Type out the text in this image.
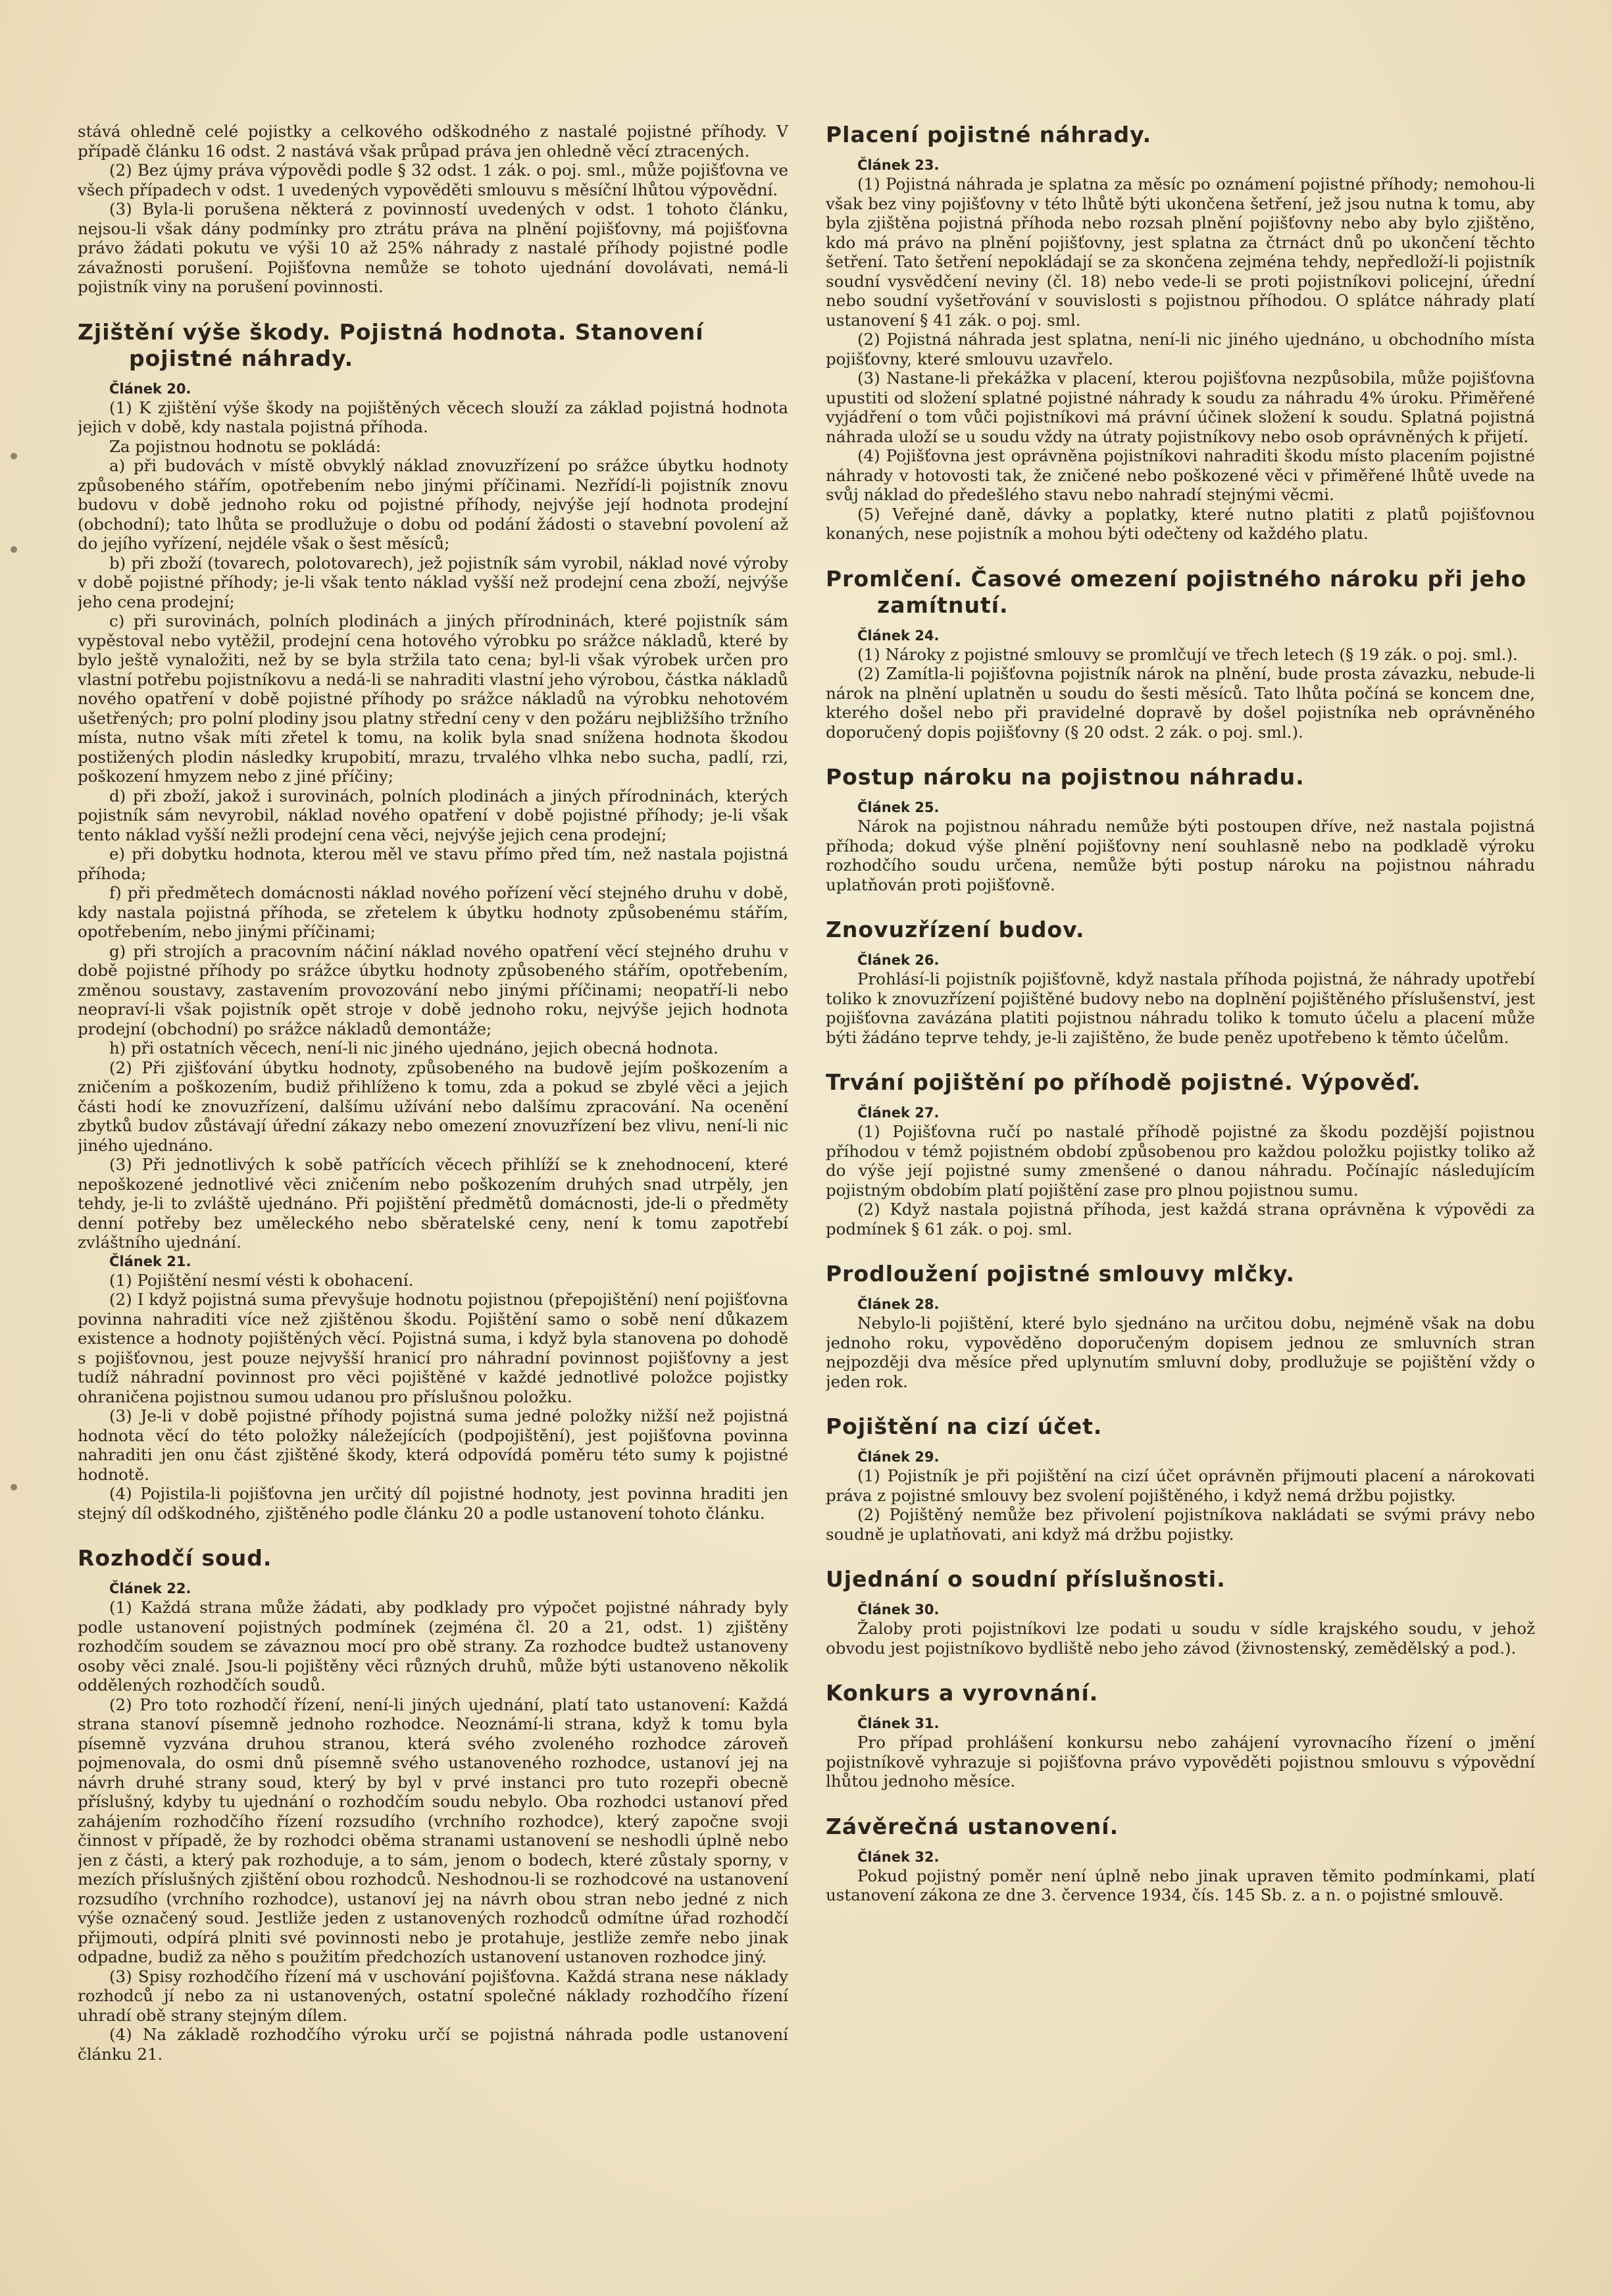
stává ohledně celé pojistky a celkového odškodného z nastalé pojistné příhody. V případě článku 16 odst. 2 nastává však průpad práva jen ohledně věcí ztracených.

(2) Bez újmy práva výpovědi podle § 32 odst. 1 zák. o poj. sml., může pojišťovna ve všech případech v odst. 1 uvedených vypověděti smlouvu s měsíční lhůtou výpovědní.

(3) Byla-li porušena některá z povinností uvedených v odst. 1 tohoto článku, nejsou-li však dány podmínky pro ztrátu práva na plnění pojišťovny, má pojišťovna právo žádati pokutu ve výši 10 až 25% náhrady z nastalé příhody pojistné podle závažnosti porušení. Pojišťovna nemůže se tohoto ujednání dovolávati, nemá-li pojistník viny na porušení povinnosti.

Zjištění výše škody. Pojistná hodnota. Stanovení
pojistné náhrady.

Článek 20.

(1) K zjištění výše škody na pojištěných věcech slouží za základ pojistná hodnota jejich v době, kdy nastala pojistná příhoda.

Za pojistnou hodnotu se pokládá:

a) při budovách v místě obvyklý náklad znovuzřízení po srážce úbytku hodnoty způsobeného stářím, opotřebením nebo jinými příčinami. Nezřídí-li pojistník znovu budovu v době jednoho roku od pojistné příhody, nejvýše její hodnota prodejní (obchodní); tato lhůta se prodlužuje o dobu od podání žádosti o stavební povolení až do jejího vyřízení, nejdéle však o šest měsíců;

b) při zboží (tovarech, polotovarech), jež pojistník sám vyrobil, náklad nové výroby v době pojistné příhody; je-li však tento náklad vyšší než prodejní cena zboží, nejvýše jeho cena prodejní;

c) při surovinách, polních plodinách a jiných přírodninách, které pojistník sám vypěstoval nebo vytěžil, prodejní cena hotového výrobku po srážce nákladů, které by bylo ještě vynaložiti, než by se byla stržila tato cena; byl-li však výrobek určen pro vlastní potřebu pojistníkovu a nedá-li se nahraditi vlastní jeho výrobou, částka nákladů nového opatření v době pojistné příhody po srážce nákladů na výrobku nehotovém ušetřených; pro polní plodiny jsou platny střední ceny v den požáru nejbližšího tržního místa, nutno však míti zřetel k tomu, na kolik byla snad snížena hodnota škodou postižených plodin následky krupobití, mrazu, trvalého vlhka nebo sucha, padlí, rzi, poškození hmyzem nebo z jiné příčiny;

d) při zboží, jakož i surovinách, polních plodinách a jiných přírodninách, kterých pojistník sám nevyrobil, náklad nového opatření v době pojistné příhody; je-li však tento náklad vyšší nežli prodejní cena věci, nejvýše jejich cena prodejní;

e) při dobytku hodnota, kterou měl ve stavu přímo před tím, než nastala pojistná příhoda;

f) při předmětech domácnosti náklad nového pořízení věcí stejného druhu v době, kdy nastala pojistná příhoda, se zřetelem k úbytku hodnoty způsobenému stářím, opotřebením, nebo jinými příčinami;

g) při strojích a pracovním náčiní náklad nového opatření věcí stejného druhu v době pojistné příhody po srážce úbytku hodnoty způsobeného stářím, opotřebením, změnou soustavy, zastavením provozování nebo jinými příčinami; neopatří-li nebo neopraví-li však pojistník opět stroje v době jednoho roku, nejvýše jejich hodnota prodejní (obchodní) po srážce nákladů demontáže;

h) při ostatních věcech, není-li nic jiného ujednáno, jejich obecná hodnota.

(2) Při zjišťování úbytku hodnoty, způsobeného na budově jejím poškozením a zničením a poškozením, budiž přihlíženo k tomu, zda a pokud se zbylé věci a jejich části hodí ke znovuzřízení, dalšímu užívání nebo dalšímu zpracování. Na ocenění zbytků budov zůstávají úřední zákazy nebo omezení znovuzřízení bez vlivu, není-li nic jiného ujednáno.

(3) Při jednotlivých k sobě patřících věcech přihlíží se k znehodnocení, které nepoškozené jednotlivé věci zničením nebo poškozením druhých snad utrpěly, jen tehdy, je-li to zvláště ujednáno. Při pojištění předmětů domácnosti, jde-li o předměty denní potřeby bez uměleckého nebo sběratelské ceny, není k tomu zapotřebí zvláštního ujednání.

Článek 21.

(1) Pojištění nesmí vésti k obohacení.

(2) I když pojistná suma převyšuje hodnotu pojistnou (přepojištění) není pojišťovna povinna nahraditi více než zjištěnou škodu. Pojištění samo o sobě není důkazem existence a hodnoty pojištěných věcí. Pojistná suma, i když byla stanovena po dohodě s pojišťovnou, jest pouze nejvyšší hranicí pro náhradní povinnost pojišťovny a jest tudíž náhradní povinnost pro věci pojištěné v každé jednotlivé položce pojistky ohraničena pojistnou sumou udanou pro příslušnou položku.

(3) Je-li v době pojistné příhody pojistná suma jedné položky nižší než pojistná hodnota věcí do této položky náležejících (podpojištění), jest pojišťovna povinna nahraditi jen onu část zjištěné škody, která odpovídá poměru této sumy k pojistné hodnotě.

(4) Pojistila-li pojišťovna jen určitý díl pojistné hodnoty, jest povinna hraditi jen stejný díl odškodného, zjištěného podle článku 20 a podle ustanovení tohoto článku.

Rozhodčí soud.

Článek 22.

(1) Každá strana může žádati, aby podklady pro výpočet pojistné náhrady byly podle ustanovení pojistných podmínek (zejména čl. 20 a 21, odst. 1) zjištěny rozhodčím soudem se závaznou mocí pro obě strany. Za rozhodce budtež ustanoveny osoby věci znalé. Jsou-li pojištěny věci různých druhů, může býti ustanoveno několik oddělených rozhodčích soudů.

(2) Pro toto rozhodčí řízení, není-li jiných ujednání, platí tato ustanovení: Každá strana stanoví písemně jednoho rozhodce. Neoznámí-li strana, když k tomu byla písemně vyzvána druhou stranou, která svého zvoleného rozhodce zároveň pojmenovala, do osmi dnů písemně svého ustanoveného rozhodce, ustanoví jej na návrh druhé strany soud, který by byl v prvé instanci pro tuto rozepři obecně příslušný, kdyby tu ujednání o rozhodčím soudu nebylo. Oba rozhodci ustanoví před zahájením rozhodčího řízení rozsudího (vrchního rozhodce), který započne svoji činnost v případě, že by rozhodci oběma stranami ustanovení se neshodli úplně nebo jen z části, a který pak rozhoduje, a to sám, jenom o bodech, které zůstaly sporny, v mezích příslušných zjištění obou rozhodců. Neshodnou-li se rozhodcové na ustanovení rozsudího (vrchního rozhodce), ustanoví jej na návrh obou stran nebo jedné z nich výše označený soud. Jestliže jeden z ustanovených rozhodců odmítne úřad rozhodčí přijmouti, odpírá plniti své povinnosti nebo je protahuje, jestliže zemře nebo jinak odpadne, budiž za něho s použitím předchozích ustanovení ustanoven rozhodce jiný.

(3) Spisy rozhodčího řízení má v uschování pojišťovna. Každá strana nese náklady rozhodců jí nebo za ni ustanovených, ostatní společné náklady rozhodčího řízení uhradí obě strany stejným dílem.

(4) Na základě rozhodčího výroku určí se pojistná náhrada podle ustanovení článku 21.

Placení pojistné náhrady.

Článek 23.

(1) Pojistná náhrada je splatna za měsíc po oznámení pojistné příhody; nemohou-li však bez viny pojišťovny v této lhůtě býti ukončena šetření, jež jsou nutna k tomu, aby byla zjištěna pojistná příhoda nebo rozsah plnění pojišťovny nebo aby bylo zjištěno, kdo má právo na plnění pojišťovny, jest splatna za čtrnáct dnů po ukončení těchto šetření. Tato šetření nepokládají se za skončena zejména tehdy, nepředloží-li pojistník soudní vysvědčení neviny (čl. 18) nebo vede-li se proti pojistníkovi policejní, úřední nebo soudní vyšetřování v souvislosti s pojistnou příhodou. O splátce náhrady platí ustanovení § 41 zák. o poj. sml.

(2) Pojistná náhrada jest splatna, není-li nic jiného ujednáno, u obchodního místa pojišťovny, které smlouvu uzavřelo.

(3) Nastane-li překážka v placení, kterou pojišťovna nezpůsobila, může pojišťovna upustiti od složení splatné pojistné náhrady k soudu za náhradu 4% úroku. Přiměřené vyjádření o tom vůči pojistníkovi má právní účinek složení k soudu. Splatná pojistná náhrada uloží se u soudu vždy na útraty pojistníkovy nebo osob oprávněných k přijetí.

(4) Pojišťovna jest oprávněna pojistníkovi nahraditi škodu místo placením pojistné náhrady v hotovosti tak, že zničené nebo poškozené věci v přiměřené lhůtě uvede na svůj náklad do předešlého stavu nebo nahradí stejnými věcmi.

(5) Veřejné daně, dávky a poplatky, které nutno platiti z platů pojišťovnou konaných, nese pojistník a mohou býti odečteny od každého platu.

Promlčení. Časové omezení pojistného nároku při jeho
zamítnutí.

Článek 24.

(1) Nároky z pojistné smlouvy se promlčují ve třech letech (§ 19 zák. o poj. sml.).

(2) Zamítla-li pojišťovna pojistník nárok na plnění, bude prosta závazku, nebude-li nárok na plnění uplatněn u soudu do šesti měsíců. Tato lhůta počíná se koncem dne, kterého došel nebo při pravidelné dopravě by došel pojistníka neb oprávněného doporučený dopis pojišťovny (§ 20 odst. 2 zák. o poj. sml.).

Postup nároku na pojistnou náhradu.

Článek 25.

Nárok na pojistnou náhradu nemůže býti postoupen dříve, než nastala pojistná příhoda; dokud výše plnění pojišťovny není souhlasně nebo na podkladě výroku rozhodčího soudu určena, nemůže býti postup nároku na pojistnou náhradu uplatňován proti pojišťovně.

Znovuzřízení budov.

Článek 26.

Prohlásí-li pojistník pojišťovně, když nastala příhoda pojistná, že náhrady upotřebí toliko k znovuzřízení pojištěné budovy nebo na doplnění pojištěného příslušenství, jest pojišťovna zavázána platiti pojistnou náhradu toliko k tomuto účelu a placení může býti žádáno teprve tehdy, je-li zajištěno, že bude peněz upotřebeno k těmto účelům.

Trvání pojištění po příhodě pojistné. Výpověď.

Článek 27.

(1) Pojišťovna ručí po nastalé příhodě pojistné za škodu pozdější pojistnou příhodou v témž pojistném období způsobenou pro každou položku pojistky toliko až do výše její pojistné sumy zmenšené o danou náhradu. Počínajíc následujícím pojistným obdobím platí pojištění zase pro plnou pojistnou sumu.

(2) Když nastala pojistná příhoda, jest každá strana oprávněna k výpovědi za podmínek § 61 zák. o poj. sml.

Prodloužení pojistné smlouvy mlčky.

Článek 28.

Nebylo-li pojištění, které bylo sjednáno na určitou dobu, nejméně však na dobu jednoho roku, vypověděno doporučeným dopisem jednou ze smluvních stran nejpozději dva měsíce před uplynutím smluvní doby, prodlužuje se pojištění vždy o jeden rok.

Pojištění na cizí účet.

Článek 29.

(1) Pojistník je při pojištění na cizí účet oprávněn přijmouti placení a nárokovati práva z pojistné smlouvy bez svolení pojištěného, i když nemá držbu pojistky.

(2) Pojištěný nemůže bez přivolení pojistníkova nakládati se svými právy nebo soudně je uplatňovati, ani když má držbu pojistky.

Ujednání o soudní příslušnosti.

Článek 30.

Žaloby proti pojistníkovi lze podati u soudu v sídle krajského soudu, v jehož obvodu jest pojistníkovo bydliště nebo jeho závod (živnostenský, zemědělský a pod.).

Konkurs a vyrovnání.

Článek 31.

Pro případ prohlášení konkursu nebo zahájení vyrovnacího řízení o jmění pojistníkově vyhrazuje si pojišťovna právo vypověděti pojistnou smlouvu s výpovědní lhůtou jednoho měsíce.

Závěrečná ustanovení.

Článek 32.

Pokud pojistný poměr není úplně nebo jinak upraven těmito podmínkami, platí ustanovení zákona ze dne 3. července 1934, čís. 145 Sb. z. a n. o pojistné smlouvě.
